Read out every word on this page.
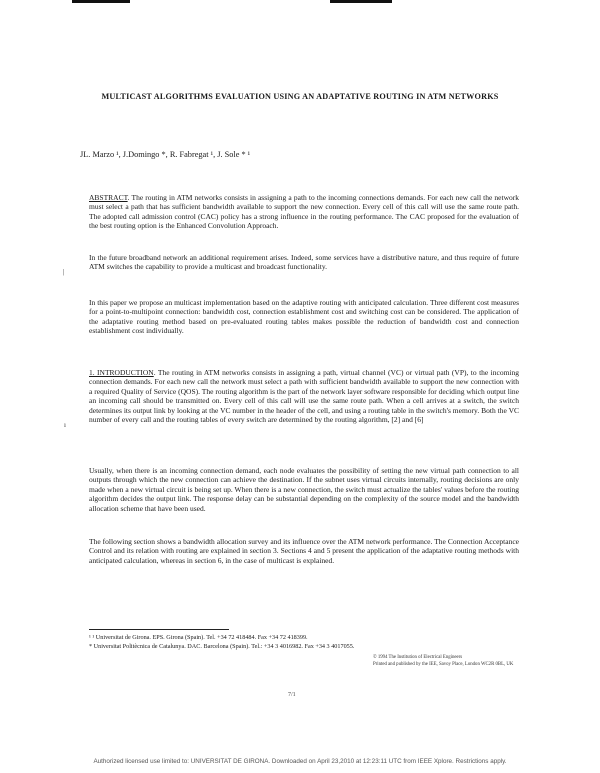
MULTICAST ALGORITHMS EVALUATION USING AN ADAPTATIVE ROUTING IN ATM NETWORKS
JL. Marzo ¹, J.Domingo *, R. Fabregat ¹, J. Sole * ¹
ABSTRACT. The routing in ATM networks consists in assigning a path to the incoming connections demands. For each new call the network must select a path that has sufficient bandwidth available to support the new connection. Every cell of this call will use the same route path. The adopted call admission control (CAC) policy has a strong influence in the routing performance. The CAC proposed for the evaluation of the best routing option is the Enhanced Convolution Approach.
|
In the future broadband network an additional requirement arises. Indeed, some services have a distributive nature, and thus require of future ATM switches the capability to provide a multicast and broadcast functionality.
In this paper we propose an multicast implementation based on the adaptive routing with anticipated calculation. Three different cost measures for a point-to-multipoint connection: bandwidth cost, connection establishment cost and switching cost can be considered. The application of the adaptative routing method based on pre-evaluated routing tables makes possible the reduction of bandwidth cost and connection establishment cost individually.
1. INTRODUCTION. The routing in ATM networks consists in assigning a path, virtual channel (VC) or virtual path (VP), to the incoming connection demands. For each new call the network must select a path with sufficient bandwidth available to support the new connection with a required Quality of Service (QOS). The routing algorithm is the part of the network layer software responsible for deciding which output line an incoming call should be transmitted on. Every cell of this call will use the same route path. When a cell arrives at a switch, the switch determines its output link by looking at the VC number in the header of the cell, and using a routing table in the switch's memory. Both the VC number of every call and the routing tables of every switch are determined by the routing algorithm, [2] and [6]
ı
Usually, when there is an incoming connection demand, each node evaluates the possibility of setting the new virtual path connection to all outputs through which the new connection can achieve the destination. If the subnet uses virtual circuits internally, routing decisions are only made when a new virtual circuit is being set up. When there is a new connection, the switch must actualize the tables' values before the routing algorithm decides the output link. The response delay can be substantial depending on the complexity of the source model and the bandwidth allocation scheme that have been used.
The following section shows a bandwidth allocation survey and its influence over the ATM network performance. The Connection Acceptance Control and its relation with routing are explained in section 3. Sections 4 and 5 present the application of the adaptative routing methods with anticipated calculation, whereas in section 6, in the case of multicast is explained.
¹ ¹ Universitat de Girona. EPS. Girona (Spain). Tel. +34 72 418484. Fax +34 72 418399.
* Universitat Politècnica de Catalunya. DAC. Barcelona (Spain). Tel.: +34 3 4016982. Fax +34 3 4017055.
© 1994 The Institution of Electrical Engineers
Printed and published by the IEE, Savoy Place, London WC2R 0BL, UK
7/1
Authorized licensed use limited to: UNIVERSITAT DE GIRONA. Downloaded on April 23,2010 at 12:23:11 UTC from IEEE Xplore. Restrictions apply.
